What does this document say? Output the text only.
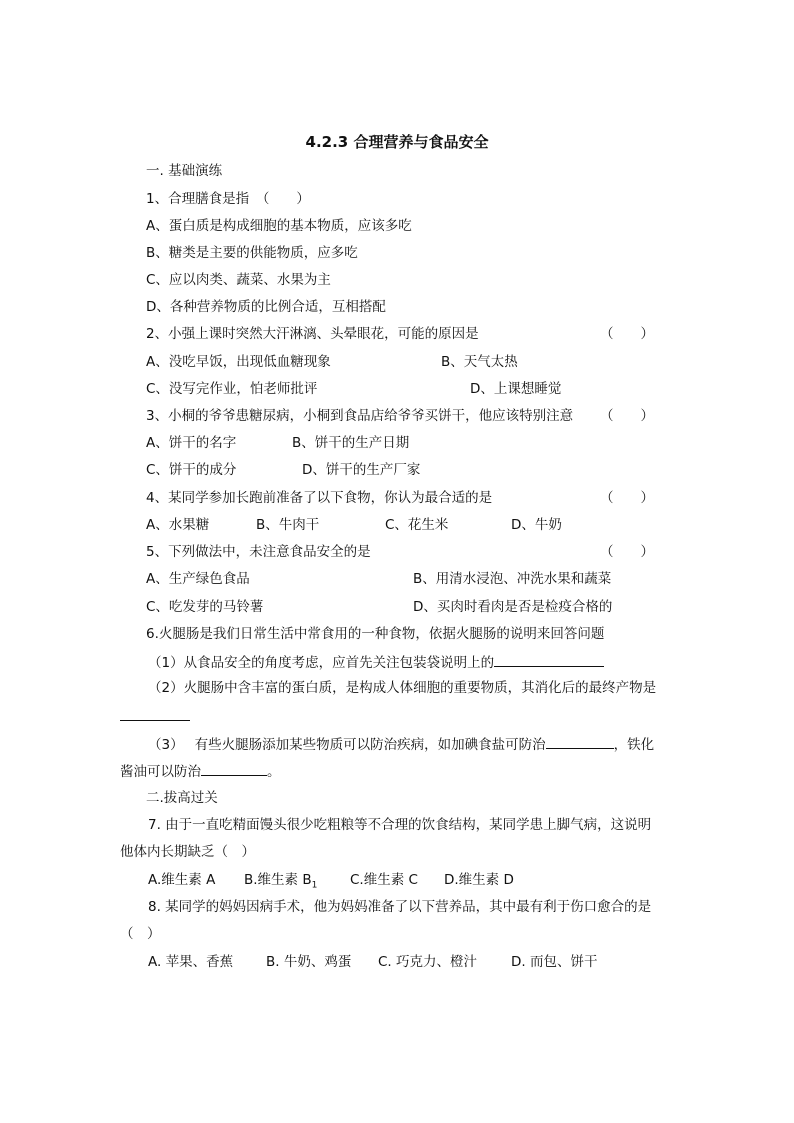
4.2.3 合理营养与食品安全
一. 基础演练
1、合理膳食是指　（　　）
A、蛋白质是构成细胞的基本物质，应该多吃
B、糖类是主要的供能物质，应多吃
C、应以肉类、蔬菜、水果为主
D、各种营养物质的比例合适，互相搭配
2、小强上课时突然大汗淋漓、头晕眼花，可能的原因是	（　　）
A、没吃早饭，出现低血糖现象	B、天气太热
C、没写完作业，怕老师批评	D、上课想睡觉
3、小桐的爷爷患糖尿病，小桐到食品店给爷爷买饼干，他应该特别注意 （　　）
A、饼干的名字	B、饼干的生产日期
C、饼干的成分	D、饼干的生产厂家
4、某同学参加长跑前准备了以下食物，你认为最合适的是	（　　）
A、水果糖	B、牛肉干	C、花生米	D、牛奶
5、下列做法中，未注意食品安全的是	（　　）
A、生产绿色食品	B、用清水浸泡、冲洗水果和蔬菜
C、吃发芽的马铃薯	D、买肉时看肉是否是检疫合格的
6.火腿肠是我们日常生活中常食用的一种食物，依据火腿肠的说明来回答问题
（1）从食品安全的角度考虑，应首先关注包装袋说明上的
（2）火腿肠中含丰富的蛋白质，是构成人体细胞的重要物质，其消化后的最终产物是
（3）　 有些火腿肠添加某些物质可以防治疾病，如加碘食盐可防治	，铁化
酱油可以防治	。
二.拔高过关
7. 由于一直吃精面馒头很少吃粗粮等不合理的饮食结构，某同学患上脚气病，这说明
他体内长期缺乏（　）
A.维生素 A B.维生素 $B_1$ C.维生素 C D.维生素 D
8. 某同学的妈妈因病手术，他为妈妈准备了以下营养品，其中最有利于伤口愈合的是
（　）
A. 苹果、香蕉 B. 牛奶、鸡蛋 C. 巧克力、橙汁	D. 而包、饼干
